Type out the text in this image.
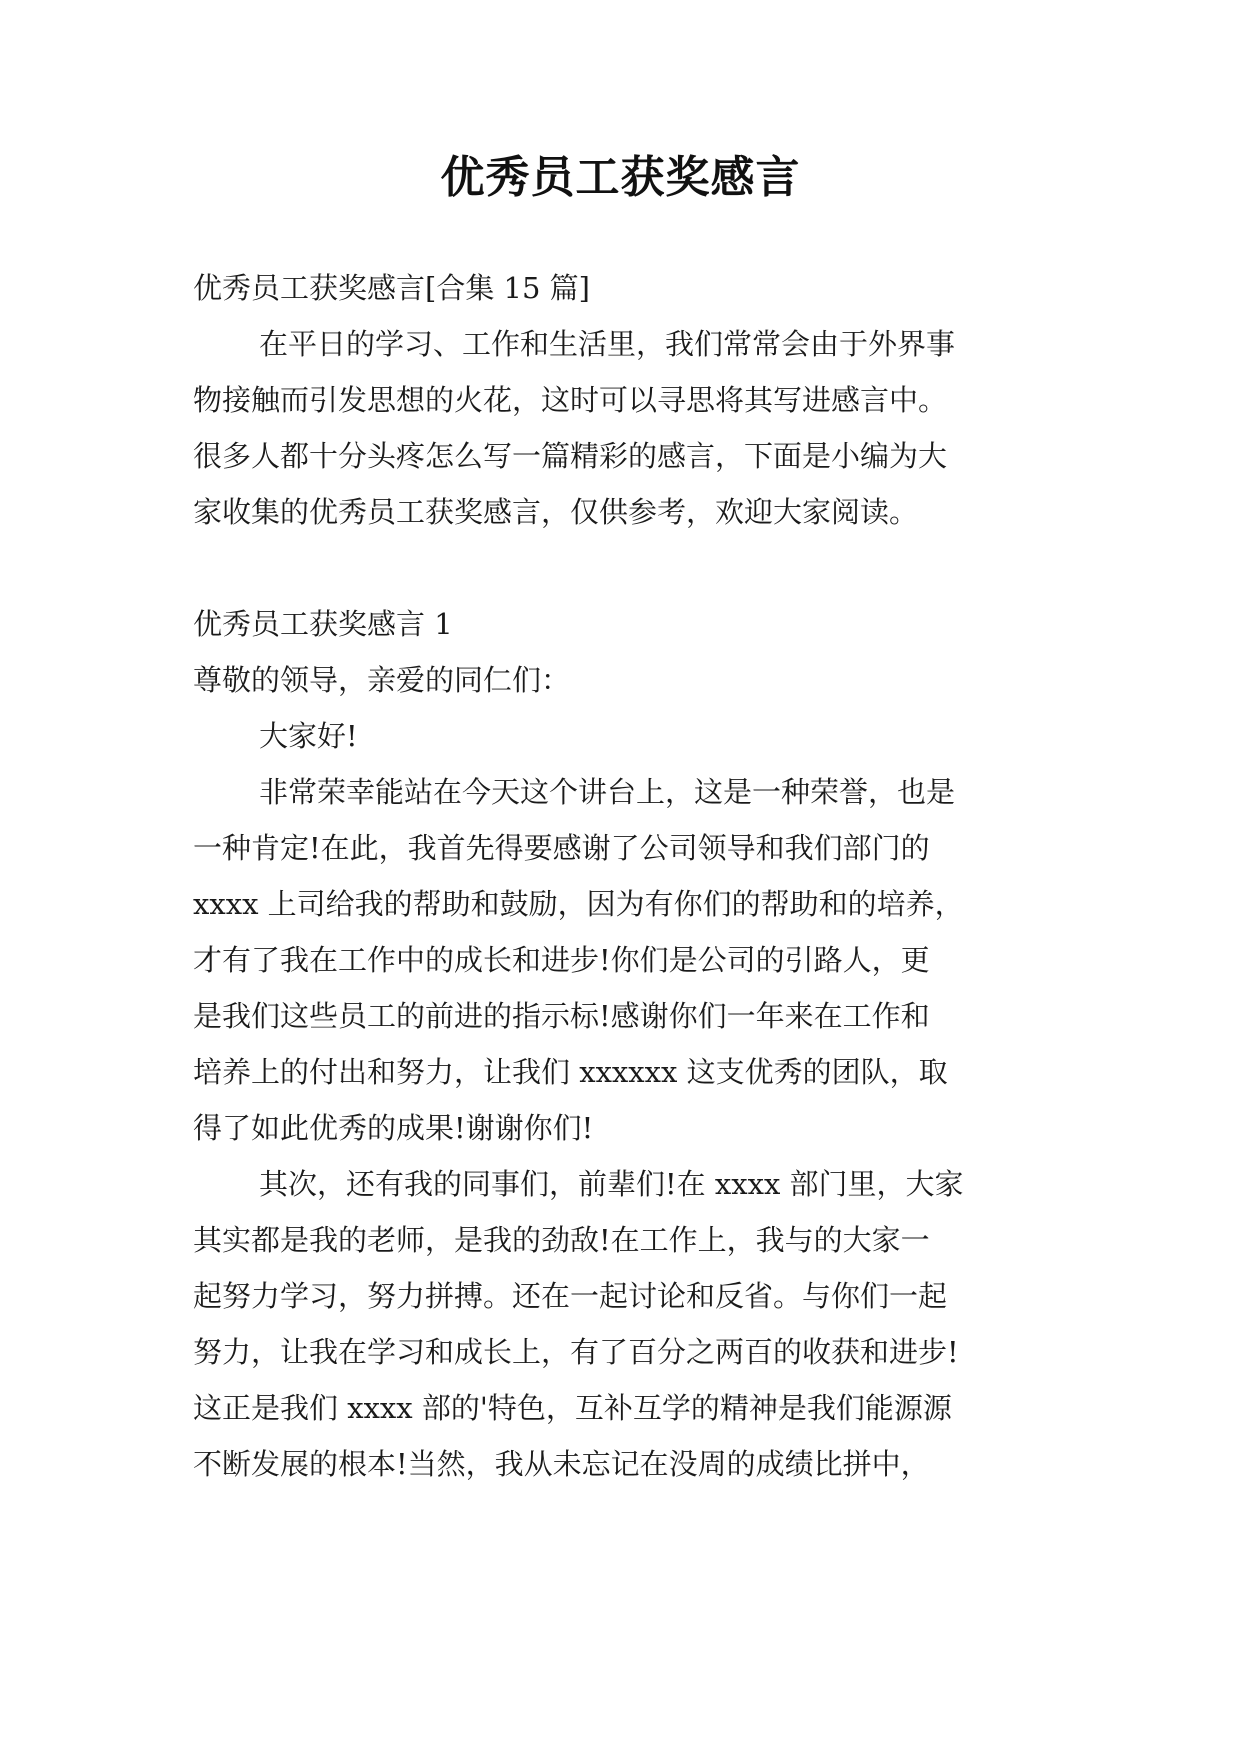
优秀员工获奖感言

优秀员工获奖感言[合集 15 篇]

在平日的学习、工作和生活里，我们常常会由于外界事

物接触而引发思想的火花，这时可以寻思将其写进感言中。

很多人都十分头疼怎么写一篇精彩的感言，下面是小编为大

家收集的优秀员工获奖感言，仅供参考，欢迎大家阅读。

优秀员工获奖感言 1

尊敬的领导，亲爱的同仁们：

大家好!

非常荣幸能站在今天这个讲台上，这是一种荣誉，也是

一种肯定!在此，我首先得要感谢了公司领导和我们部门的

xxxx 上司给我的帮助和鼓励，因为有你们的帮助和的培养，

才有了我在工作中的成长和进步!你们是公司的引路人，更

是我们这些员工的前进的指示标!感谢你们一年来在工作和

培养上的付出和努力，让我们 xxxxxx 这支优秀的团队，取

得了如此优秀的成果!谢谢你们!

其次，还有我的同事们，前辈们!在 xxxx 部门里，大家

其实都是我的老师，是我的劲敌!在工作上，我与的大家一

起努力学习，努力拼搏。还在一起讨论和反省。与你们一起

努力，让我在学习和成长上，有了百分之两百的收获和进步!

这正是我们 xxxx 部的'特色，互补互学的精神是我们能源源

不断发展的根本!当然，我从未忘记在没周的成绩比拼中，
